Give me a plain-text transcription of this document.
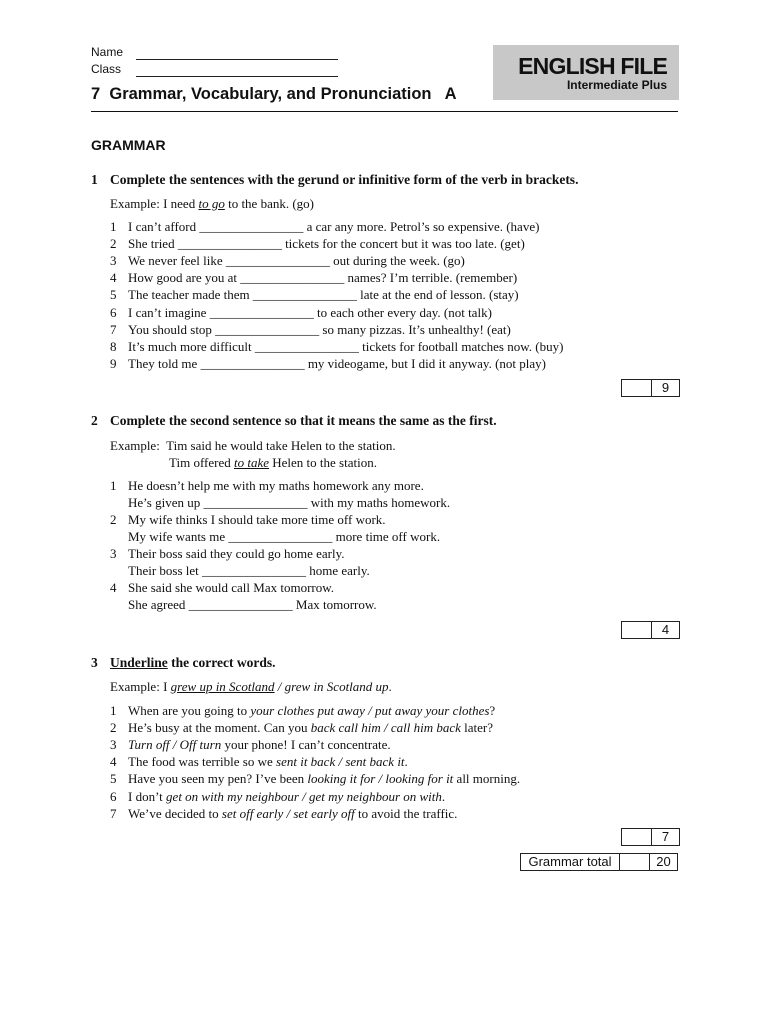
Name
Class	ENGLISH FILE
Intermediate Plus
7 Grammar, Vocabulary, and Pronunciation A
GRAMMAR
1 Complete the sentences with the gerund or infinitive form of the verb in brackets.
Example: I need to go to the bank. (go)
1 I can’t afford ________________ a car any more. Petrol’s so expensive. (have)
2 She tried ________________ tickets for the concert but it was too late. (get)
3 We never feel like ________________ out during the week. (go)
4 How good are you at ________________ names? I’m terrible. (remember)
5 The teacher made them ________________ late at the end of lesson. (stay)
6 I can’t imagine ________________ to each other every day. (not talk)
7 You should stop ________________ so many pizzas. It’s unhealthy! (eat)
8 It’s much more difficult ________________ tickets for football matches now. (buy)
9 They told me ________________ my videogame, but I did it anyway. (not play)
9
2 Complete the second sentence so that it means the same as the first.
Example: Tim said he would take Helen to the station.
Tim offered to take Helen to the station.
1 He doesn’t help me with my maths homework any more.
He’s given up ________________ with my maths homework.
2 My wife thinks I should take more time off work.
My wife wants me ________________ more time off work.
3 Their boss said they could go home early.
Their boss let ________________ home early.
4 She said she would call Max tomorrow.
She agreed ________________ Max tomorrow.
4
3 Underline the correct words.
Example: I grew up in Scotland / grew in Scotland up.
1 When are you going to your clothes put away / put away your clothes?
2 He’s busy at the moment. Can you back call him / call him back later?
3 Turn off / Off turn your phone! I can’t concentrate.
4 The food was terrible so we sent it back / sent back it.
5 Have you seen my pen? I’ve been looking it for / looking for it all morning.
6 I don’t get on with my neighbour / get my neighbour on with.
7 We’ve decided to set off early / set early off to avoid the traffic.
7
Grammar total	20
